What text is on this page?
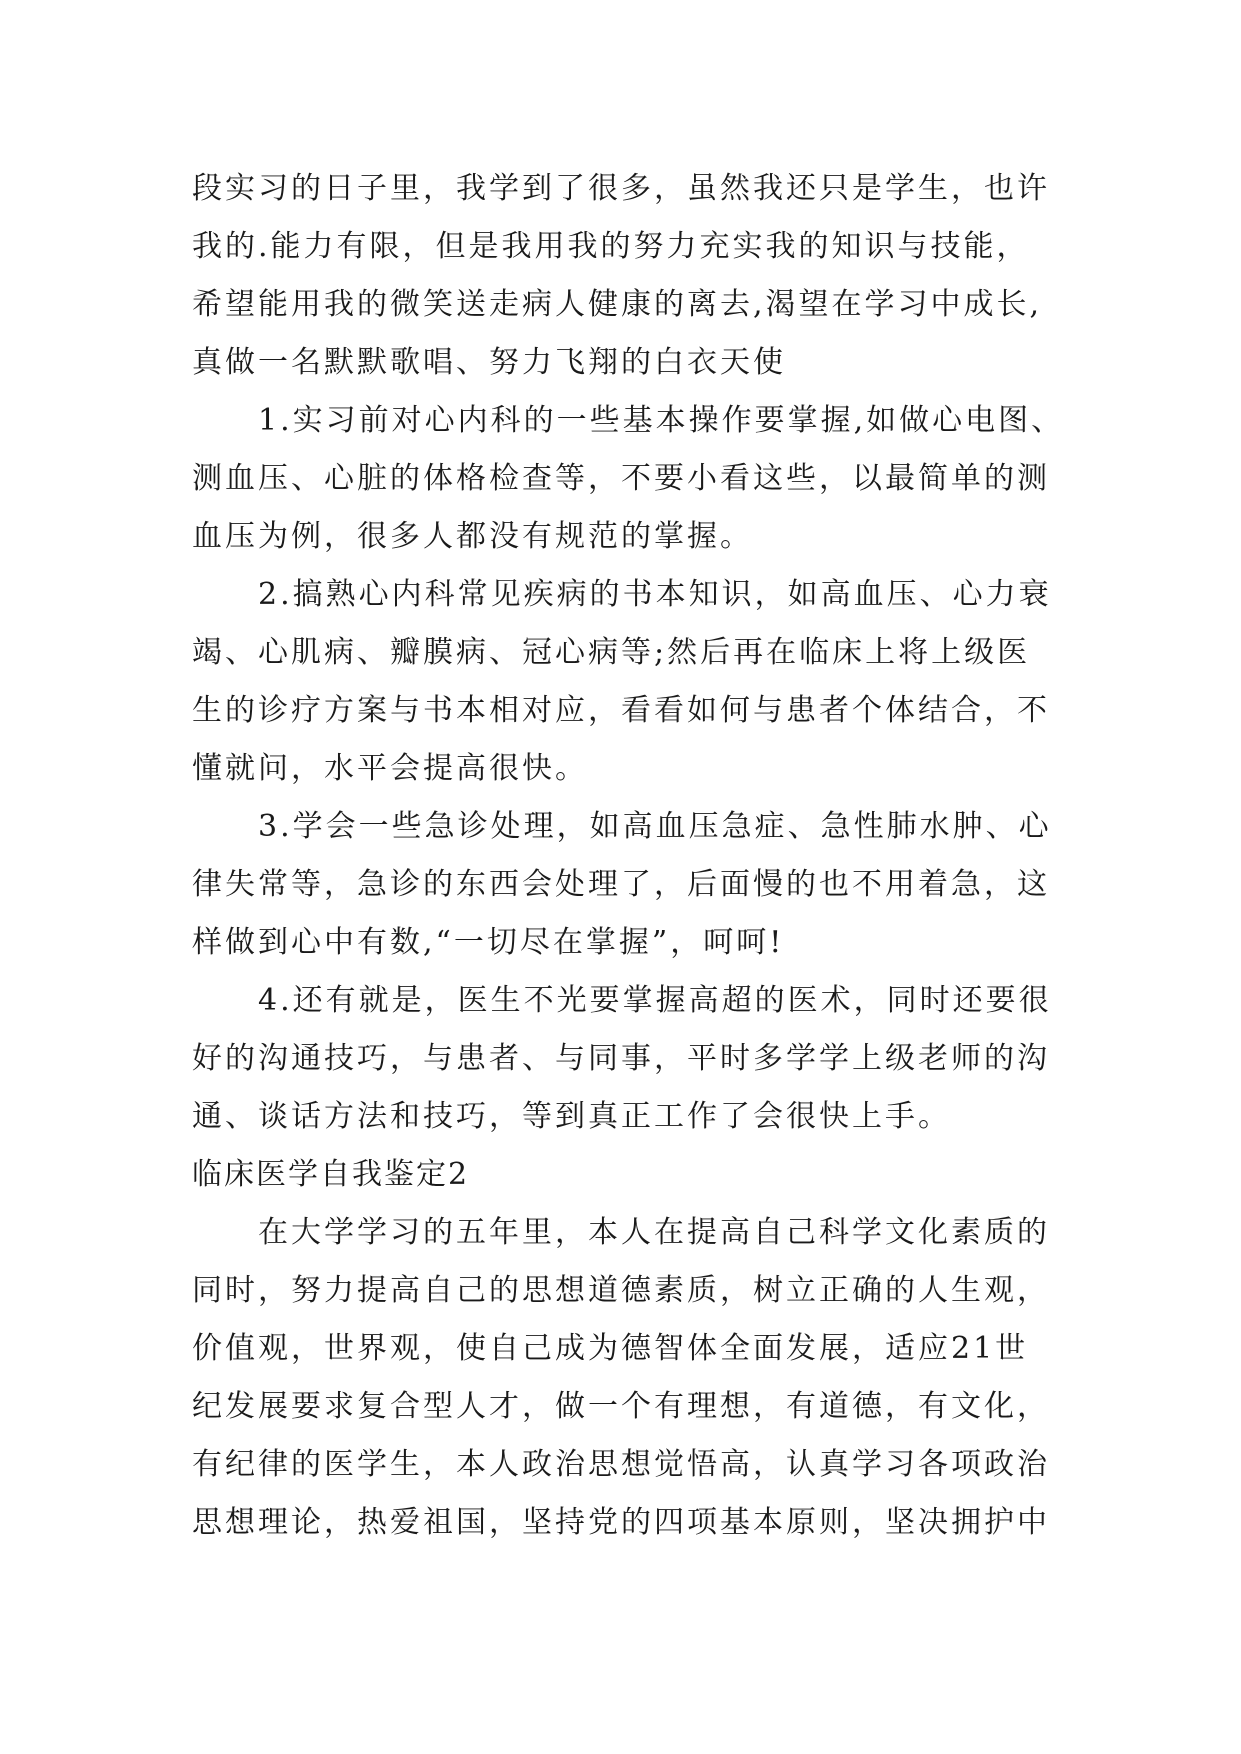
段实习的日子里，我学到了很多，虽然我还只是学生，也许
我的.能力有限，但是我用我的努力充实我的知识与技能，
希望能用我的微笑送走病人健康的离去,渴望在学习中成长,
真做一名默默歌唱、努力飞翔的白衣天使
1.实习前对心内科的一些基本操作要掌握,如做心电图、
测血压、心脏的体格检查等，不要小看这些，以最简单的测
血压为例，很多人都没有规范的掌握。
2.搞熟心内科常见疾病的书本知识，如高血压、心力衰
竭、心肌病、瓣膜病、冠心病等;然后再在临床上将上级医
生的诊疗方案与书本相对应，看看如何与患者个体结合，不
懂就问，水平会提高很快。
3.学会一些急诊处理，如高血压急症、急性肺水肿、心
律失常等，急诊的东西会处理了，后面慢的也不用着急，这
样做到心中有数,“一切尽在掌握”，呵呵!
4.还有就是，医生不光要掌握高超的医术，同时还要很
好的沟通技巧，与患者、与同事，平时多学学上级老师的沟
通、谈话方法和技巧，等到真正工作了会很快上手。
临床医学自我鉴定2
在大学学习的五年里，本人在提高自己科学文化素质的
同时，努力提高自己的思想道德素质，树立正确的人生观，
价值观，世界观，使自己成为德智体全面发展，适应21世
纪发展要求复合型人才，做一个有理想，有道德，有文化，
有纪律的医学生，本人政治思想觉悟高，认真学习各项政治
思想理论，热爱祖国，坚持党的四项基本原则，坚决拥护中
